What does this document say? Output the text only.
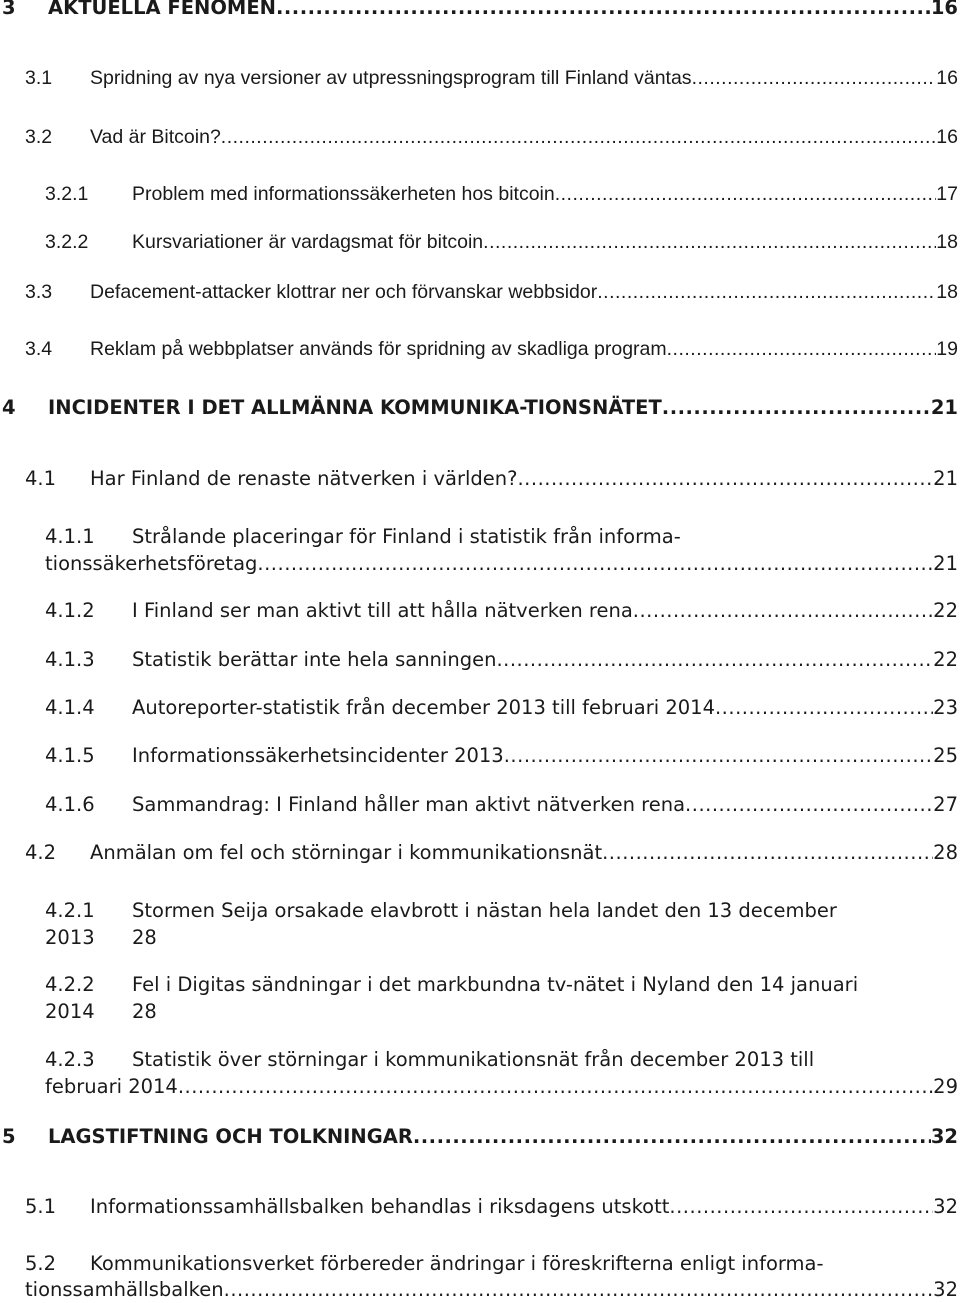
3 AKTUELLA FENOMEN .....	16
3.1 Spridning av nya versioner av utpressningsprogram till Finland väntas .....	16
3.2 Vad är Bitcoin? .....	16
3.2.1 Problem med informationssäkerheten hos bitcoin .....	17
3.2.2 Kursvariationer är vardagsmat för bitcoin .....	18
3.3 Defacement-attacker klottrar ner och förvanskar webbsidor .....	18
3.4 Reklam på webbplatser används för spridning av skadliga program .....	19
4 INCIDENTER I DET ALLMÄNNA KOMMUNIKA-TIONSNÄTET .....	21
4.1 Har Finland de renaste nätverken i världen? .....	21
4.1.1 Strålande placeringar för Finland i statistik från informa-
tionssäkerhetsföretag .....	21
4.1.2 I Finland ser man aktivt till att hålla nätverken rena .....	22
4.1.3 Statistik berättar inte hela sanningen .....	22
4.1.4 Autoreporter-statistik från december 2013 till februari 2014 .....	23
4.1.5 Informationssäkerhetsincidenter 2013 .....	25
4.1.6 Sammandrag: I Finland håller man aktivt nätverken rena .....	27
4.2 Anmälan om fel och störningar i kommunikationsnät .....	28
4.2.1 Stormen Seija orsakade elavbrott i nästan hela landet den 13 december
2013 28
4.2.2 Fel i Digitas sändningar i det markbundna tv-nätet i Nyland den 14 januari
2014 28
4.2.3 Statistik över störningar i kommunikationsnät från december 2013 till
februari 2014 .....	29
5 LAGSTIFTNING OCH TOLKNINGAR .....	32
5.1 Informationssamhällsbalken behandlas i riksdagens utskott .....	32
5.2 Kommunikationsverket förbereder ändringar i föreskrifterna enligt informa-
tionssamhällsbalken .....	32
